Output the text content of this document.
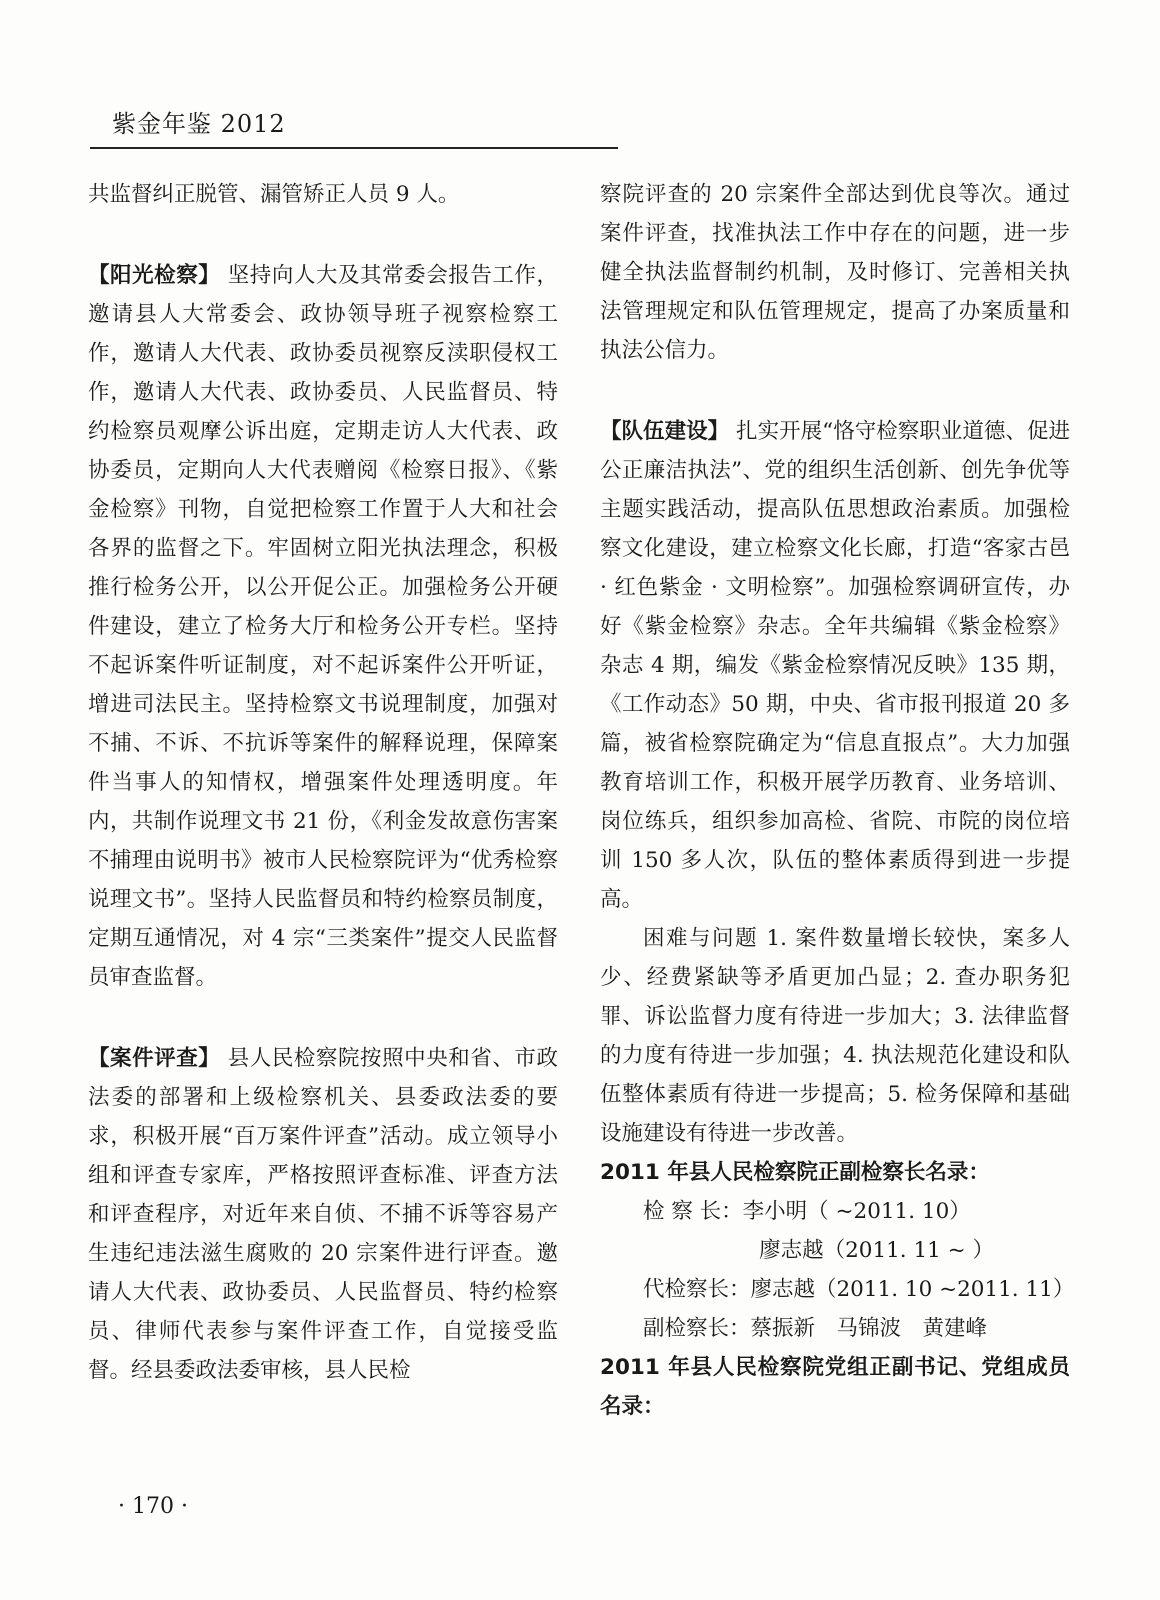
紫金年鉴 2012

共监督纠正脱管、漏管矫正人员 9 人。

【阳光检察】 坚持向人大及其常委会报告工作，邀请县人大常委会、政协领导班子视察检察工作，邀请人大代表、政协委员视察反渎职侵权工作，邀请人大代表、政协委员、人民监督员、特约检察员观摩公诉出庭，定期走访人大代表、政协委员，定期向人大代表赠阅《检察日报》、《紫金检察》刊物，自觉把检察工作置于人大和社会各界的监督之下。牢固树立阳光执法理念，积极推行检务公开，以公开促公正。加强检务公开硬件建设，建立了检务大厅和检务公开专栏。坚持不起诉案件听证制度，对不起诉案件公开听证，增进司法民主。坚持检察文书说理制度，加强对不捕、不诉、不抗诉等案件的解释说理，保障案件当事人的知情权，增强案件处理透明度。年内，共制作说理文书 21 份，《利金发故意伤害案不捕理由说明书》被市人民检察院评为“优秀检察说理文书”。坚持人民监督员和特约检察员制度，定期互通情况，对 4 宗“三类案件”提交人民监督员审查监督。

【案件评查】 县人民检察院按照中央和省、市政法委的部署和上级检察机关、县委政法委的要求，积极开展“百万案件评查”活动。成立领导小组和评查专家库，严格按照评查标准、评查方法和评查程序，对近年来自侦、不捕不诉等容易产生违纪违法滋生腐败的 20 宗案件进行评查。邀请人大代表、政协委员、人民监督员、特约检察员、律师代表参与案件评查工作，自觉接受监督。经县委政法委审核，县人民检

察院评查的 20 宗案件全部达到优良等次。通过案件评查，找准执法工作中存在的问题，进一步健全执法监督制约机制，及时修订、完善相关执法管理规定和队伍管理规定，提高了办案质量和执法公信力。

【队伍建设】 扎实开展“恪守检察职业道德、促进公正廉洁执法”、党的组织生活创新、创先争优等主题实践活动，提高队伍思想政治素质。加强检察文化建设，建立检察文化长廊，打造“客家古邑 · 红色紫金 · 文明检察”。加强检察调研宣传，办好《紫金检察》杂志。全年共编辑《紫金检察》杂志 4 期，编发《紫金检察情况反映》135 期，《工作动态》50 期，中央、省市报刊报道 20 多篇，被省检察院确定为“信息直报点”。大力加强教育培训工作，积极开展学历教育、业务培训、岗位练兵，组织参加高检、省院、市院的岗位培训 150 多人次，队伍的整体素质得到进一步提高。

困难与问题 1. 案件数量增长较快，案多人少、经费紧缺等矛盾更加凸显；2. 查办职务犯罪、诉讼监督力度有待进一步加大；3. 法律监督的力度有待进一步加强；4. 执法规范化建设和队伍整体素质有待进一步提高；5. 检务保障和基础设施建设有待进一步改善。

2011 年县人民检察院正副检察长名录：

检 察 长：李小明（ ~2011. 10）

廖志越（2011. 11 ~ ）

代检察长：廖志越（2011. 10 ~2011. 11）

副检察长：蔡振新　马锦波　黄建峰

2011 年县人民检察院党组正副书记、党组成员名录：

· 170 ·
